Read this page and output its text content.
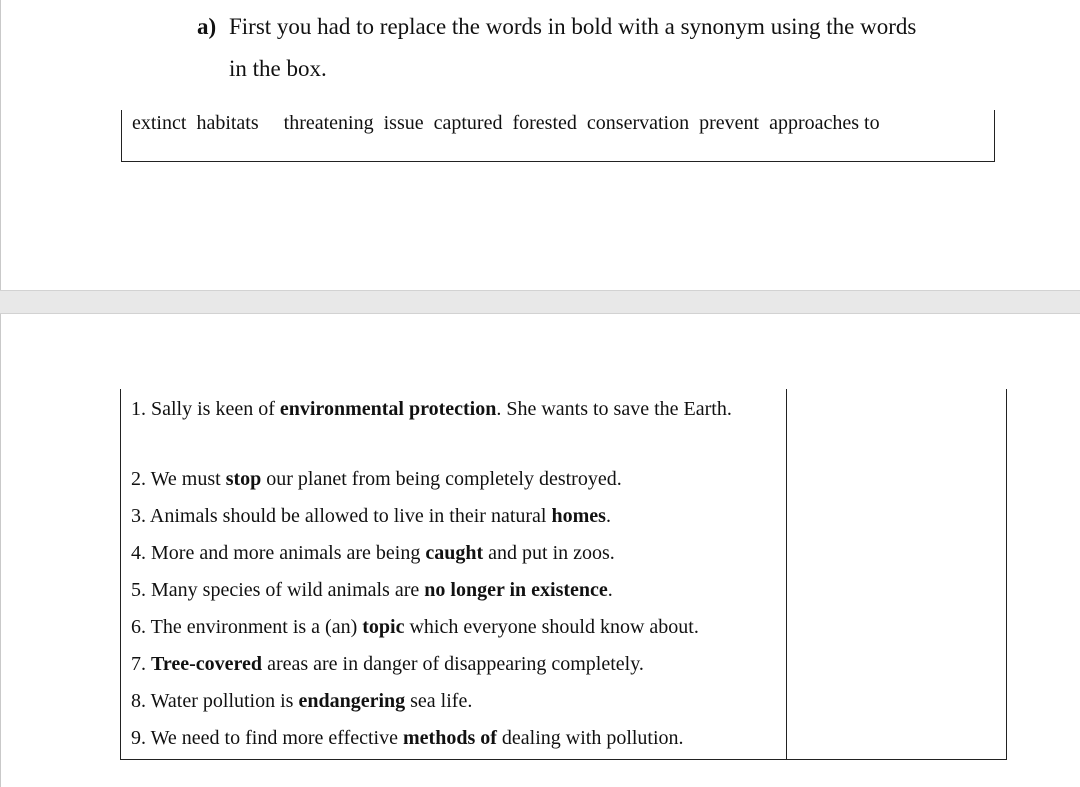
a) First you had to replace the words in bold with a synonym using the words
in the box.
extinct habitats threatening issue captured forested conservation prevent approaches to
1. Sally is keen of environmental protection. She wants to save the Earth.	

2. We must stop our planet from being completely destroyed.	

3. Animals should be allowed to live in their natural homes.	

4. More and more animals are being caught and put in zoos.	

5. Many species of wild animals are no longer in existence.	

6. The environment is a (an) topic which everyone should know about.	

7. Tree-covered areas are in danger of disappearing completely.	

8. Water pollution is endangering sea life.	

9. We need to find more effective methods of dealing with pollution.	
